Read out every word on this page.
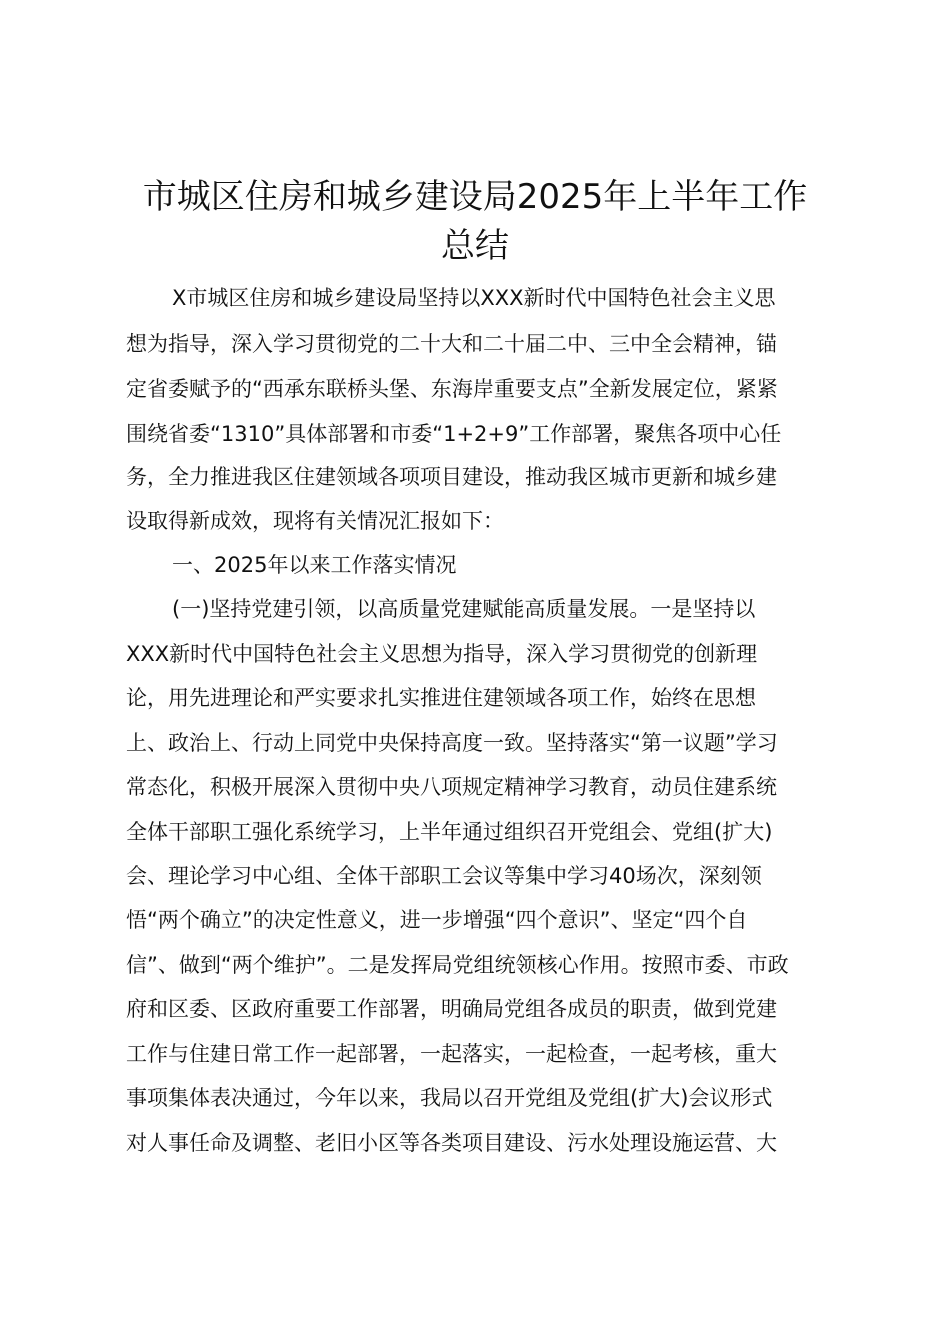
市城区住房和城乡建设局2025年上半年工作
总结
X市城区住房和城乡建设局坚持以XXX新时代中国特色社会主义思
想为指导，深入学习贯彻党的二十大和二十届二中、三中全会精神，锚
定省委赋予的“西承东联桥头堡、东海岸重要支点”全新发展定位，紧紧
围绕省委“1310”具体部署和市委“1+2+9”工作部署，聚焦各项中心任
务，全力推进我区住建领域各项项目建设，推动我区城市更新和城乡建
设取得新成效，现将有关情况汇报如下：
一、2025年以来工作落实情况
(一)坚持党建引领，以高质量党建赋能高质量发展。一是坚持以
XXX新时代中国特色社会主义思想为指导，深入学习贯彻党的创新理
论，用先进理论和严实要求扎实推进住建领域各项工作，始终在思想
上、政治上、行动上同党中央保持高度一致。坚持落实“第一议题”学习
常态化，积极开展深入贯彻中央八项规定精神学习教育，动员住建系统
全体干部职工强化系统学习，上半年通过组织召开党组会、党组(扩大)
会、理论学习中心组、全体干部职工会议等集中学习40场次，深刻领
悟“两个确立”的决定性意义，进一步增强“四个意识”、坚定“四个自
信”、做到“两个维护”。二是发挥局党组统领核心作用。按照市委、市政
府和区委、区政府重要工作部署，明确局党组各成员的职责，做到党建
工作与住建日常工作一起部署，一起落实，一起检查，一起考核，重大
事项集体表决通过，今年以来，我局以召开党组及党组(扩大)会议形式
对人事任命及调整、老旧小区等各类项目建设、污水处理设施运营、大
